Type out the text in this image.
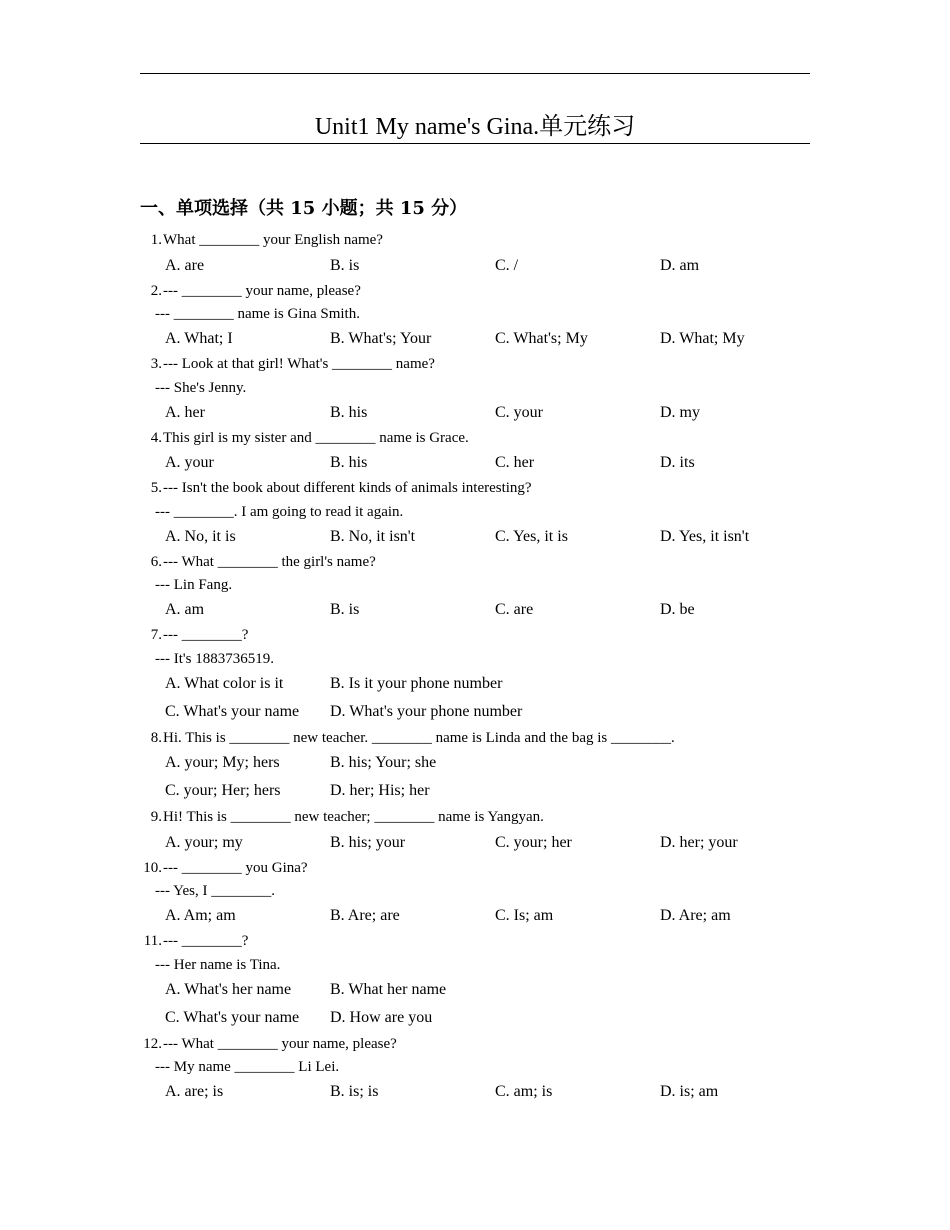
Unit1 My name's Gina.单元练习
一、单项选择（共 15 小题；共 15 分）
1. What ________ your English name?
A. are	B. is	C. /	D. am
2. --- ________ your name, please?
--- ________ name is Gina Smith.
A. What; I	B. What's; Your	C. What's; My	D. What; My
3. --- Look at that girl! What's ________ name?
--- She's Jenny.
A. her	B. his	C. your	D. my
4. This girl is my sister and ________ name is Grace.
A. your	B. his	C. her	D. its
5. --- Isn't the book about different kinds of animals interesting?
--- ________. I am going to read it again.
A. No, it is	B. No, it isn't	C. Yes, it is	D. Yes, it isn't
6. --- What ________ the girl's name?
--- Lin Fang.
A. am	B. is	C. are	D. be
7. --- ________?
--- It's 1883736519.
A. What color is it	B. Is it your phone number
C. What's your name D. What's your phone number
8. Hi. This is ________ new teacher. ________ name is Linda and the bag is ________.
A. your; My; hers	B. his; Your; she
C. your; Her; hers	D. her; His; her
9. Hi! This is ________ new teacher; ________ name is Yangyan.
A. your; my	B. his; your	C. your; her	D. her; your
10. --- ________ you Gina?
--- Yes, I ________.
A. Am; am	B. Are; are	C. Is; am	D. Are; am
11. --- ________?
--- Her name is Tina.
A. What's her name B. What her name
C. What's your name D. How are you
12. --- What ________ your name, please?
--- My name ________ Li Lei.
A. are; is	B. is; is	C. am; is	D. is; am
